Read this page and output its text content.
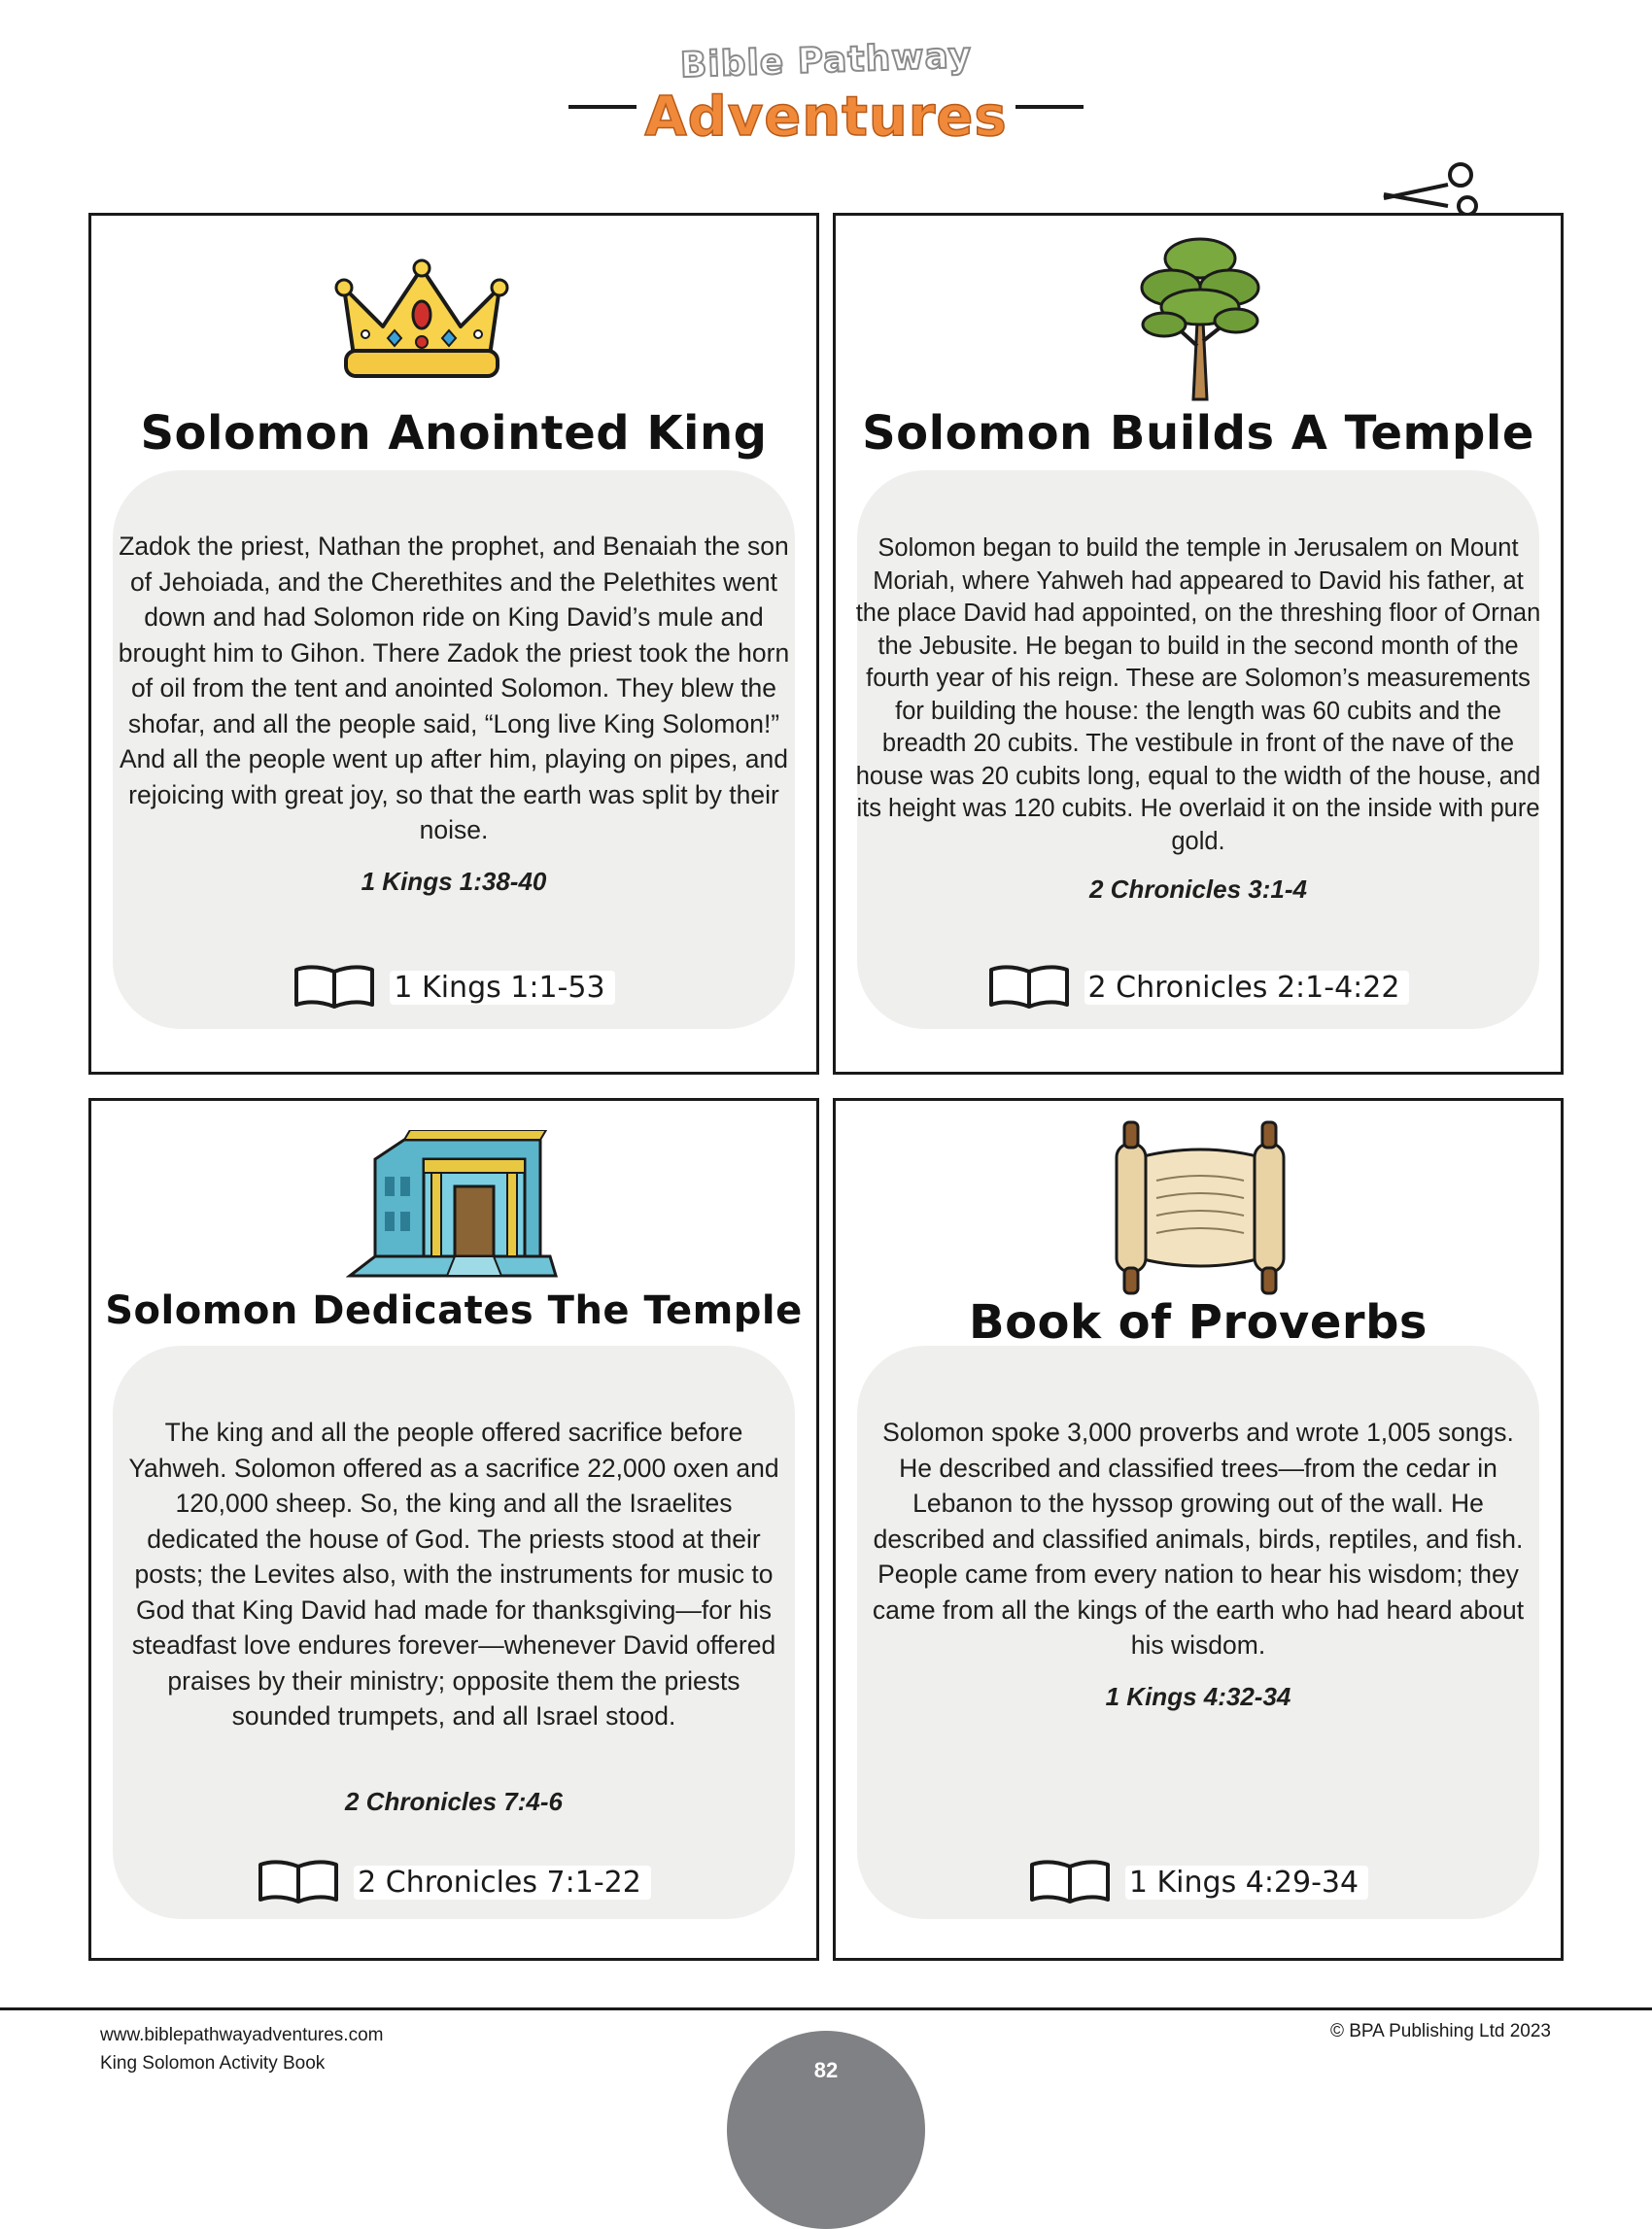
Bible Pathway
Adventures
Solomon Anointed King
Zadok the priest, Nathan the prophet, and Benaiah the son of Jehoiada, and the Cherethites and the Pelethites went down and had Solomon ride on King David’s mule and brought him to Gihon. There Zadok the priest took the horn of oil from the tent and anointed Solomon. They blew the shofar, and all the people said, “Long live King Solomon!” And all the people went up after him, playing on pipes, and rejoicing with great joy, so that the earth was split by their noise.
1 Kings 1:38-40
1 Kings 1:1-53
Solomon Builds A Temple
Solomon began to build the temple in Jerusalem on Mount Moriah, where Yahweh had appeared to David his father, at the place David had appointed, on the threshing floor of Ornan the Jebusite. He began to build in the second month of the fourth year of his reign. These are Solomon’s measurements for building the house: the length was 60 cubits and the breadth 20 cubits. The vestibule in front of the nave of the house was 20 cubits long, equal to the width of the house, and its height was 120 cubits. He overlaid it on the inside with pure gold.
2 Chronicles 3:1-4
2 Chronicles 2:1-4:22
Solomon Dedicates The Temple
The king and all the people offered sacrifice before Yahweh. Solomon offered as a sacrifice 22,000 oxen and 120,000 sheep. So, the king and all the Israelites dedicated the house of God. The priests stood at their posts; the Levites also, with the instruments for music to God that King David had made for thanksgiving—for his steadfast love endures forever—whenever David offered praises by their ministry; opposite them the priests sounded trumpets, and all Israel stood.
2 Chronicles 7:4-6
2 Chronicles 7:1-22
Book of Proverbs
Solomon spoke 3,000 proverbs and wrote 1,005 songs. He described and classified trees—from the cedar in Lebanon to the hyssop growing out of the wall. He described and classified animals, birds, reptiles, and fish. People came from every nation to hear his wisdom; they came from all the kings of the earth who had heard about his wisdom.
1 Kings 4:32-34
1 Kings 4:29-34
www.biblepathwayadventures.com
King Solomon Activity Book
© BPA Publishing Ltd 2023
82
